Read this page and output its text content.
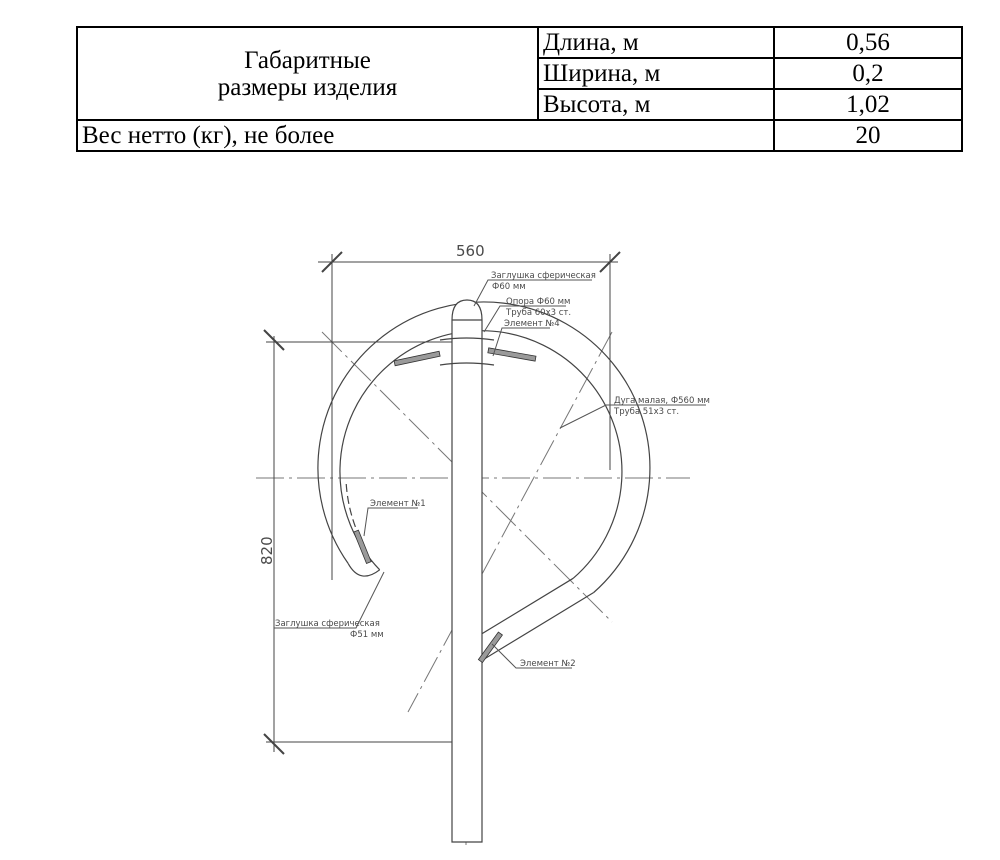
Габаритные
размеры изделия	Длина, м	0,56
	Ширина, м	0,2
	Высота, м	1,02
Вес нетто (кг), не более		20
560
820
Заглушка сферическая
Ф60 мм
Опора Ф60 мм
Труба 60х3 ст.
Элемент №4
Дуга малая, Ф560 мм
Труба 51х3 ст.
Элемент №1
Заглушка сферическая
Ф51 мм
Элемент №2
